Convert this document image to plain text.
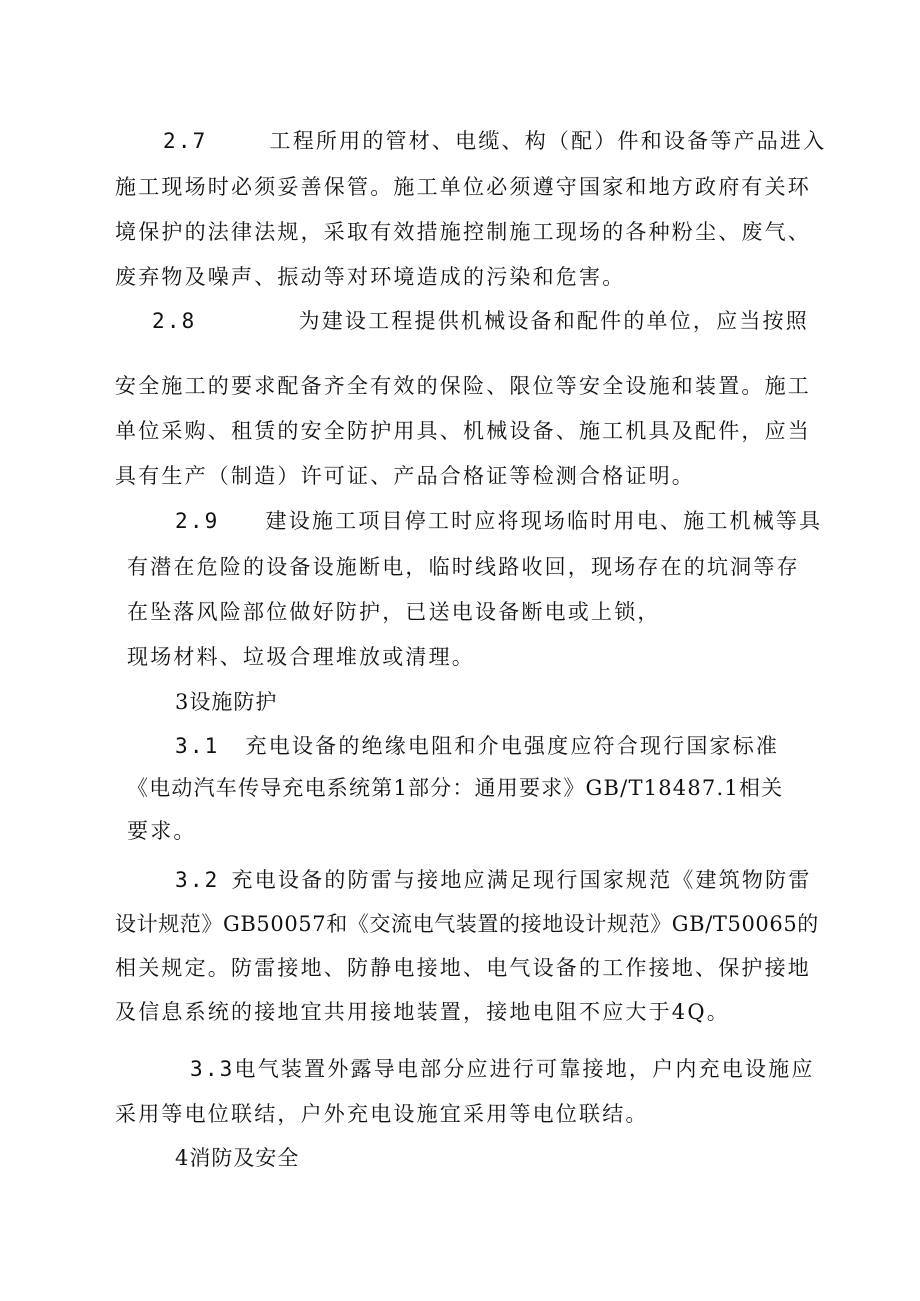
2.7	工程所用的管材、电缆、构（配）件和设备等产品进入
施工现场时必须妥善保管。施工单位必须遵守国家和地方政府有关环
境保护的法律法规，采取有效措施控制施工现场的各种粉尘、废气、
废弃物及噪声、振动等对环境造成的污染和危害。
2.8	为建设工程提供机械设备和配件的单位，应当按照
安全施工的要求配备齐全有效的保险、限位等安全设施和装置。施工
单位采购、租赁的安全防护用具、机械设备、施工机具及配件，应当
具有生产（制造）许可证、产品合格证等检测合格证明。
2.9 建设施工项目停工时应将现场临时用电、施工机械等具
有潜在危险的设备设施断电，临时线路收回，现场存在的坑洞等存
在坠落风险部位做好防护，已送电设备断电或上锁，
现场材料、垃圾合理堆放或清理。
3设施防护
3.1 充电设备的绝缘电阻和介电强度应符合现行国家标准
《电动汽车传导充电系统第1部分：通用要求》GB/T18487.1相关
要求。
3.2 充电设备的防雷与接地应满足现行国家规范《建筑物防雷
设计规范》GB50057和《交流电气装置的接地设计规范》GB/T50065的
相关规定。防雷接地、防静电接地、电气设备的工作接地、保护接地
及信息系统的接地宜共用接地装置，接地电阻不应大于4Q。
3.3电气装置外露导电部分应进行可靠接地，户内充电设施应
采用等电位联结，户外充电设施宜采用等电位联结。
4消防及安全
